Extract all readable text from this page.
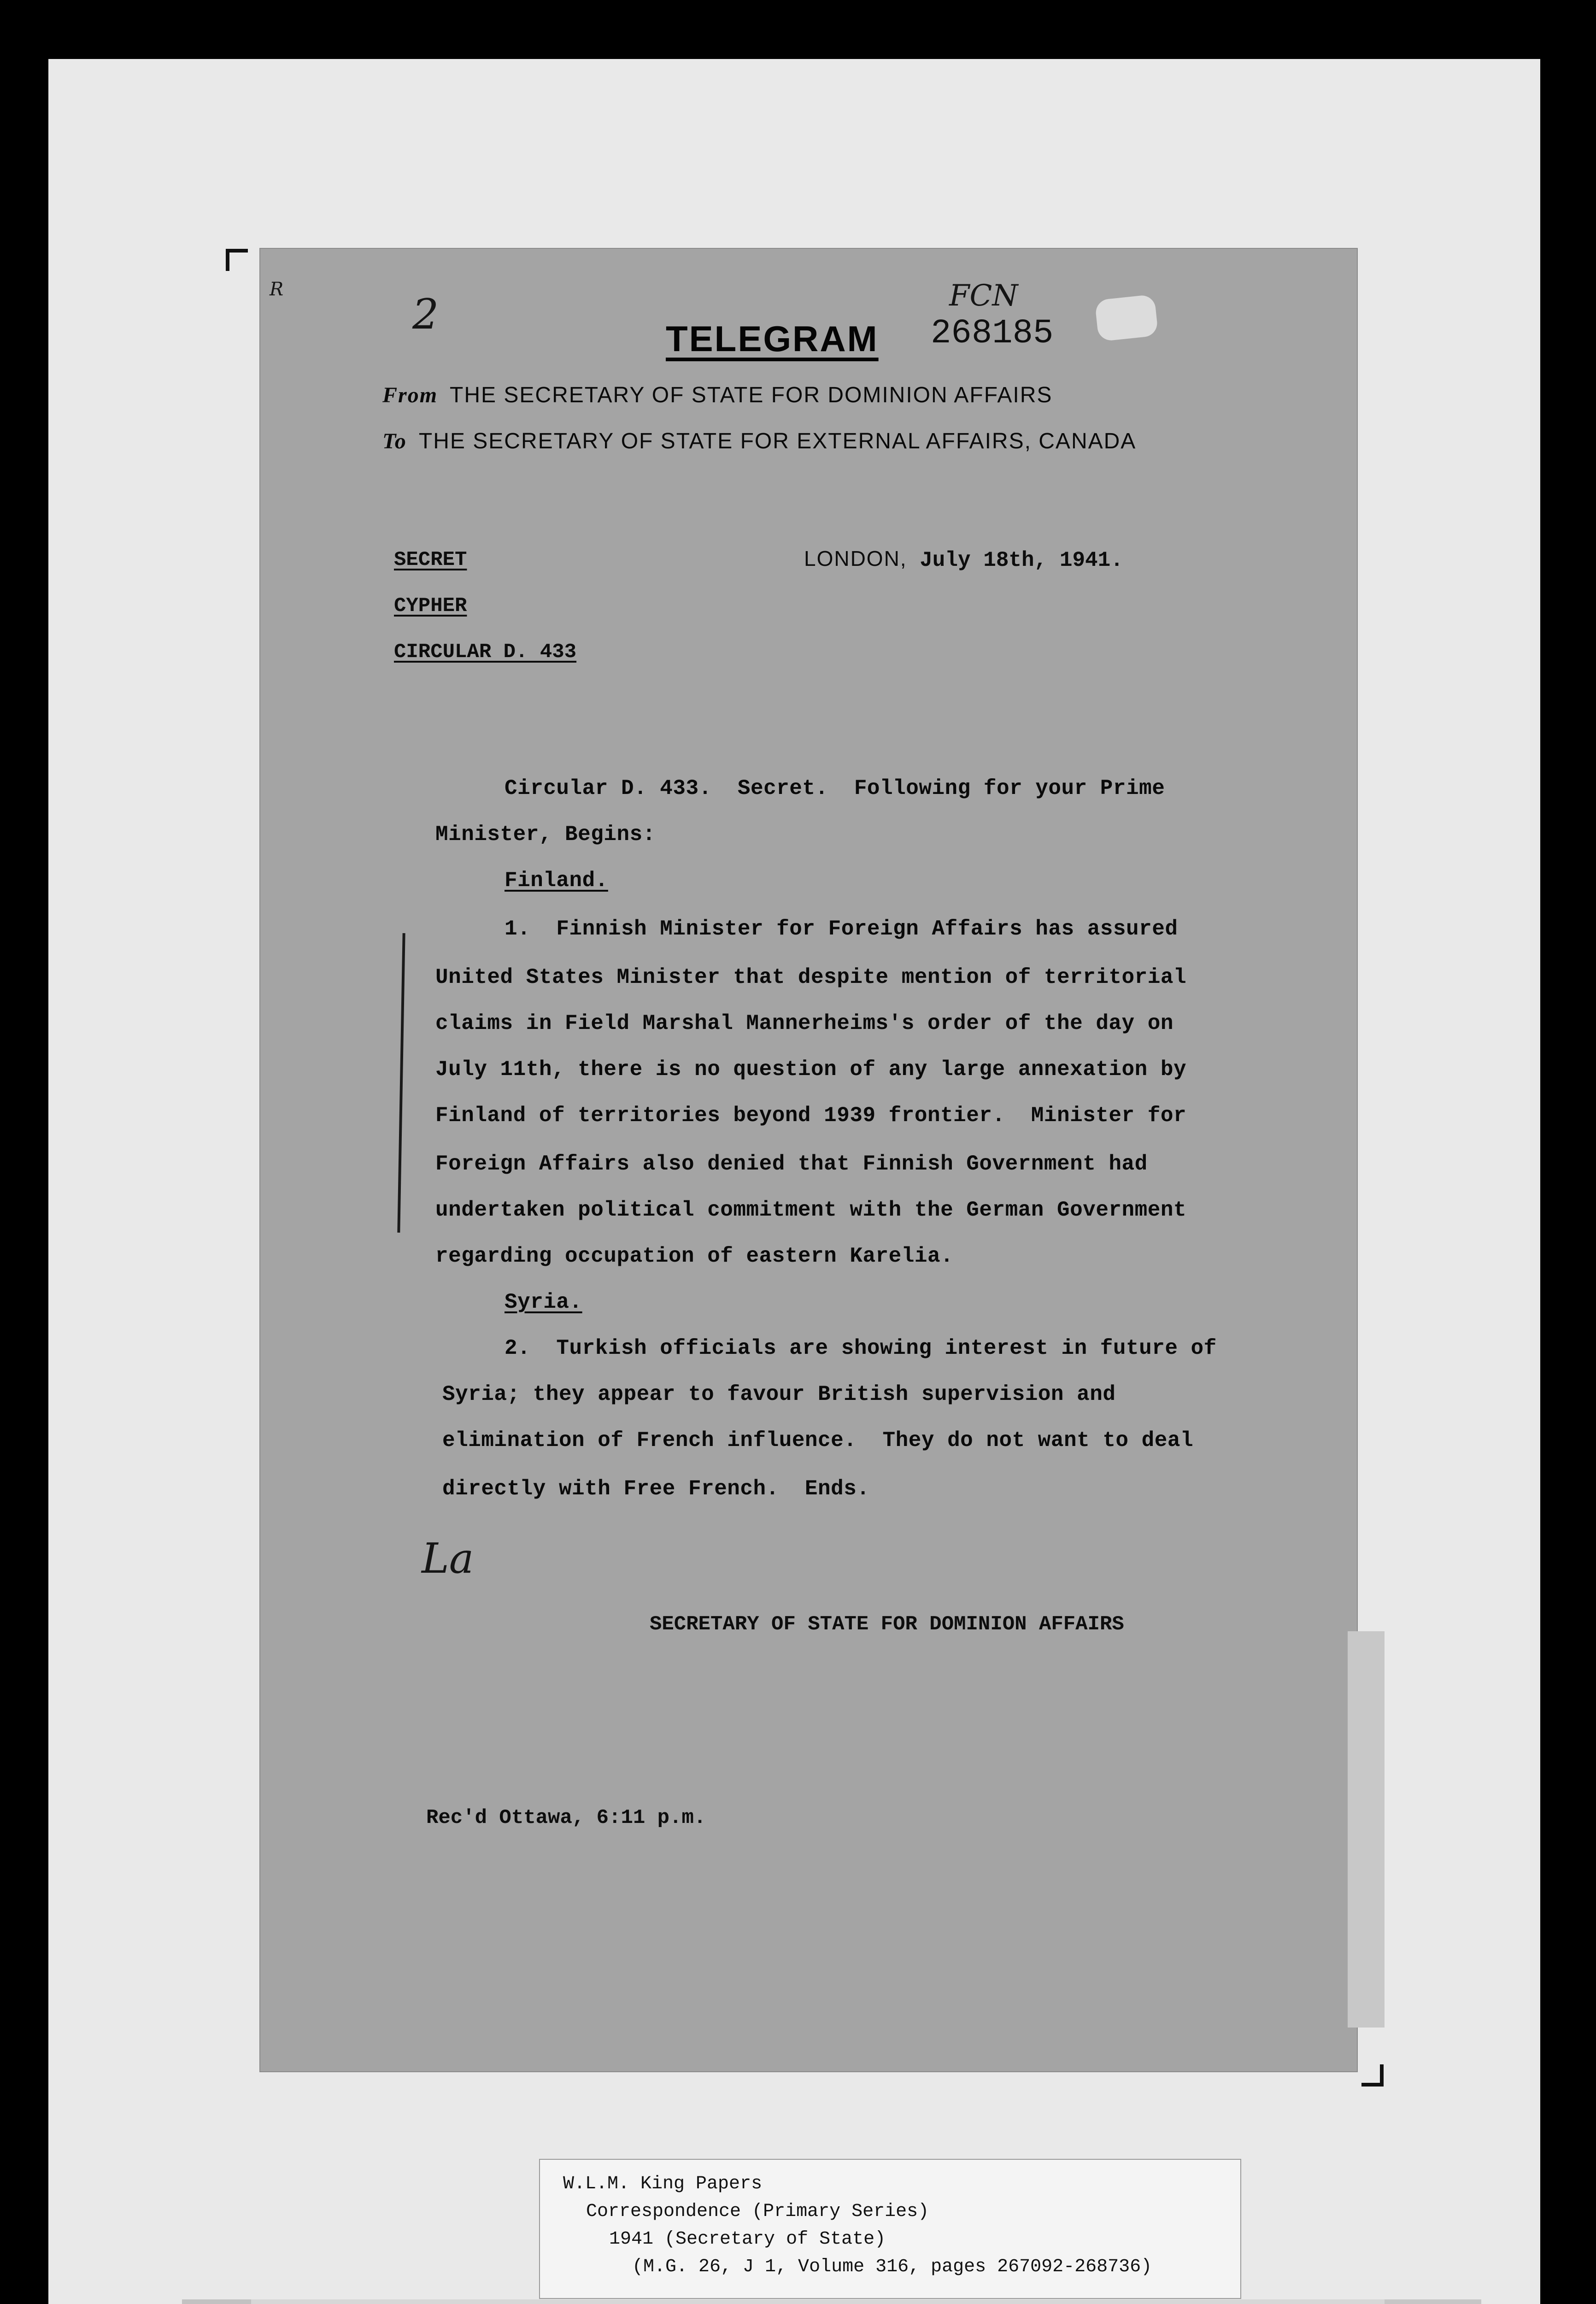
R
2	FCN
TELEGRAM 268185
From THE SECRETARY OF STATE FOR DOMINION AFFAIRS
To THE SECRETARY OF STATE FOR EXTERNAL AFFAIRS, CANADA
SECRET
CYPHER
CIRCULAR D. 433
LONDON, July 18th, 1941.
Circular D. 433.  Secret.  Following for your Prime
Minister, Begins:
Finland.
1.  Finnish Minister for Foreign Affairs has assured
United States Minister that despite mention of territorial
claims in Field Marshal Mannerheims's order of the day on
July 11th, there is no question of any large annexation by
Finland of territories beyond 1939 frontier.  Minister for
Foreign Affairs also denied that Finnish Government had
undertaken political commitment with the German Government
regarding occupation of eastern Karelia.
Syria.
2.  Turkish officials are showing interest in future of
Syria; they appear to favour British supervision and
elimination of French influence.  They do not want to deal
directly with Free French.  Ends.
La
SECRETARY OF STATE FOR DOMINION AFFAIRS
Rec'd Ottawa, 6:11 p.m.
W.L.M. King Papers
Correspondence (Primary Series)
1941 (Secretary of State)
(M.G. 26, J 1, Volume 316, pages 267092-268736)
